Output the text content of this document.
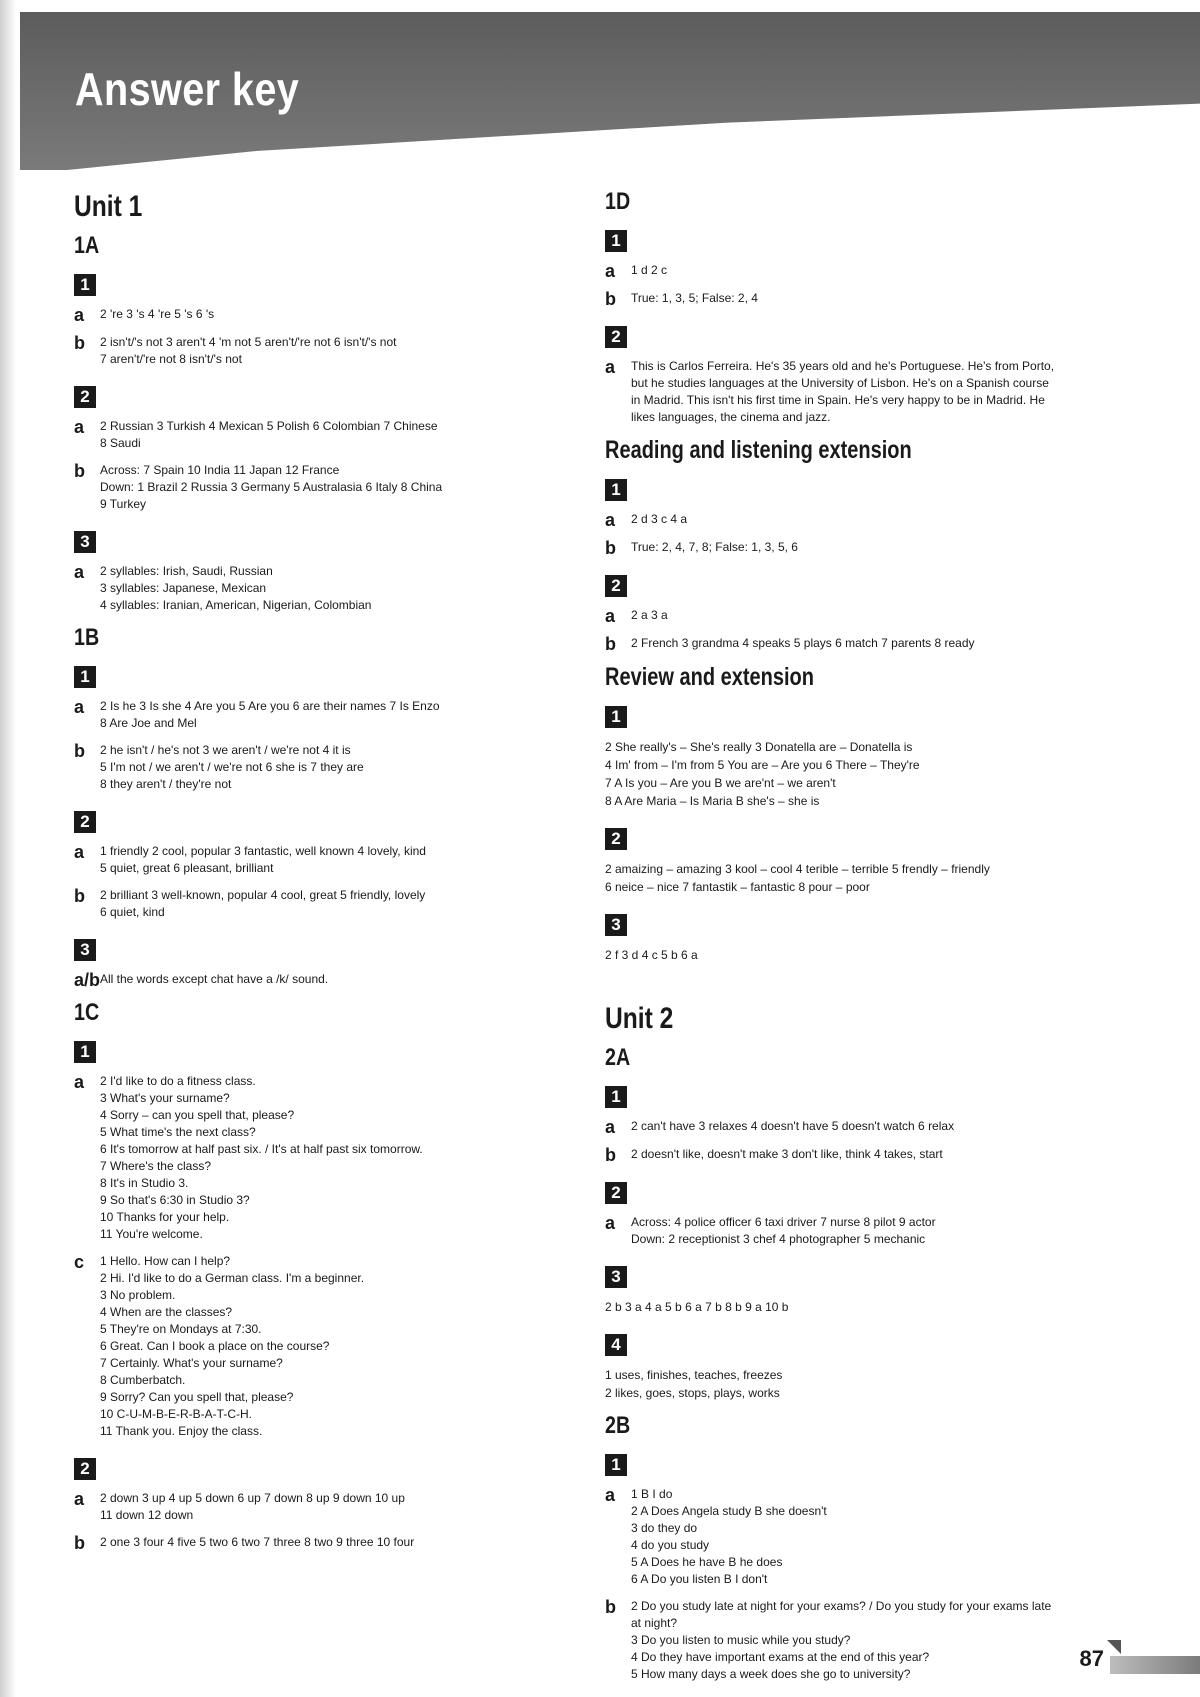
Answer key
Unit 1
1A
1
a	2 're 3 's 4 're 5 's 6 's
b	2 isn't/'s not 3 aren't 4 'm not 5 aren't/'re not 6 isn't/'s not
7 aren't/'re not 8 isn't/'s not
2
a	2 Russian 3 Turkish 4 Mexican 5 Polish 6 Colombian 7 Chinese
8 Saudi
b	Across: 7 Spain 10 India 11 Japan 12 France
Down: 1 Brazil 2 Russia 3 Germany 5 Australasia 6 Italy 8 China
9 Turkey
3
a	2 syllables: Irish, Saudi, Russian
3 syllables: Japanese, Mexican
4 syllables: Iranian, American, Nigerian, Colombian
1B
1
a	2 Is he 3 Is she 4 Are you 5 Are you 6 are their names 7 Is Enzo
8 Are Joe and Mel
b	2 he isn't / he's not 3 we aren't / we're not 4 it is
5 I'm not / we aren't / we're not 6 she is 7 they are
8 they aren't / they're not
2
a	1 friendly 2 cool, popular 3 fantastic, well known 4 lovely, kind
5 quiet, great 6 pleasant, brilliant
b	2 brilliant 3 well-known, popular 4 cool, great 5 friendly, lovely
6 quiet, kind
3
a/b All the words except chat have a /k/ sound.
1C
1
a	2 I'd like to do a fitness class.
3 What's your surname?
4 Sorry – can you spell that, please?
5 What time's the next class?
6 It's tomorrow at half past six. / It's at half past six tomorrow.
7 Where's the class?
8 It's in Studio 3.
9 So that's 6:30 in Studio 3?
10 Thanks for your help.
11 You're welcome.
c	1 Hello. How can I help?
2 Hi. I'd like to do a German class. I'm a beginner.
3 No problem.
4 When are the classes?
5 They're on Mondays at 7:30.
6 Great. Can I book a place on the course?
7 Certainly. What's your surname?
8 Cumberbatch.
9 Sorry? Can you spell that, please?
10 C-U-M-B-E-R-B-A-T-C-H.
11 Thank you. Enjoy the class.
2
a	2 down 3 up 4 up 5 down 6 up 7 down 8 up 9 down 10 up
11 down 12 down
b	2 one 3 four 4 five 5 two 6 two 7 three 8 two 9 three 10 four
1D
1
a	1 d 2 c
b	True: 1, 3, 5; False: 2, 4
2
a	This is Carlos Ferreira. He's 35 years old and he's Portuguese. He's from Porto,
but he studies languages at the University of Lisbon. He's on a Spanish course
in Madrid. This isn't his first time in Spain. He's very happy to be in Madrid. He
likes languages, the cinema and jazz.
Reading and listening extension
1
a	2 d 3 c 4 a
b	True: 2, 4, 7, 8; False: 1, 3, 5, 6
2
a	2 a 3 a
b	2 French 3 grandma 4 speaks 5 plays 6 match 7 parents 8 ready
Review and extension
1
2 She really's – She's really 3 Donatella are – Donatella is
4 Im' from – I'm from 5 You are – Are you 6 There – They're
7 A Is you – Are you B we are'nt – we aren't
8 A Are Maria – Is Maria B she's – she is
2
2 amaizing – amazing 3 kool – cool 4 terible – terrible 5 frendly – friendly
6 neice – nice 7 fantastik – fantastic 8 pour – poor
3
2 f 3 d 4 c 5 b 6 a
Unit 2
2A
1
a	2 can't have 3 relaxes 4 doesn't have 5 doesn't watch 6 relax
b	2 doesn't like, doesn't make 3 don't like, think 4 takes, start
2
a	Across: 4 police officer 6 taxi driver 7 nurse 8 pilot 9 actor
Down: 2 receptionist 3 chef 4 photographer 5 mechanic
3
2 b 3 a 4 a 5 b 6 a 7 b 8 b 9 a 10 b
4
1 uses, finishes, teaches, freezes
2 likes, goes, stops, plays, works
2B
1
a	1 B I do
2 A Does Angela study B she doesn't
3 do they do
4 do you study
5 A Does he have B he does
6 A Do you listen B I don't
b	2 Do you study late at night for your exams? / Do you study for your exams late
at night?
3 Do you listen to music while you study?
4 Do they have important exams at the end of this year?
5 How many days a week does she go to university?
87
